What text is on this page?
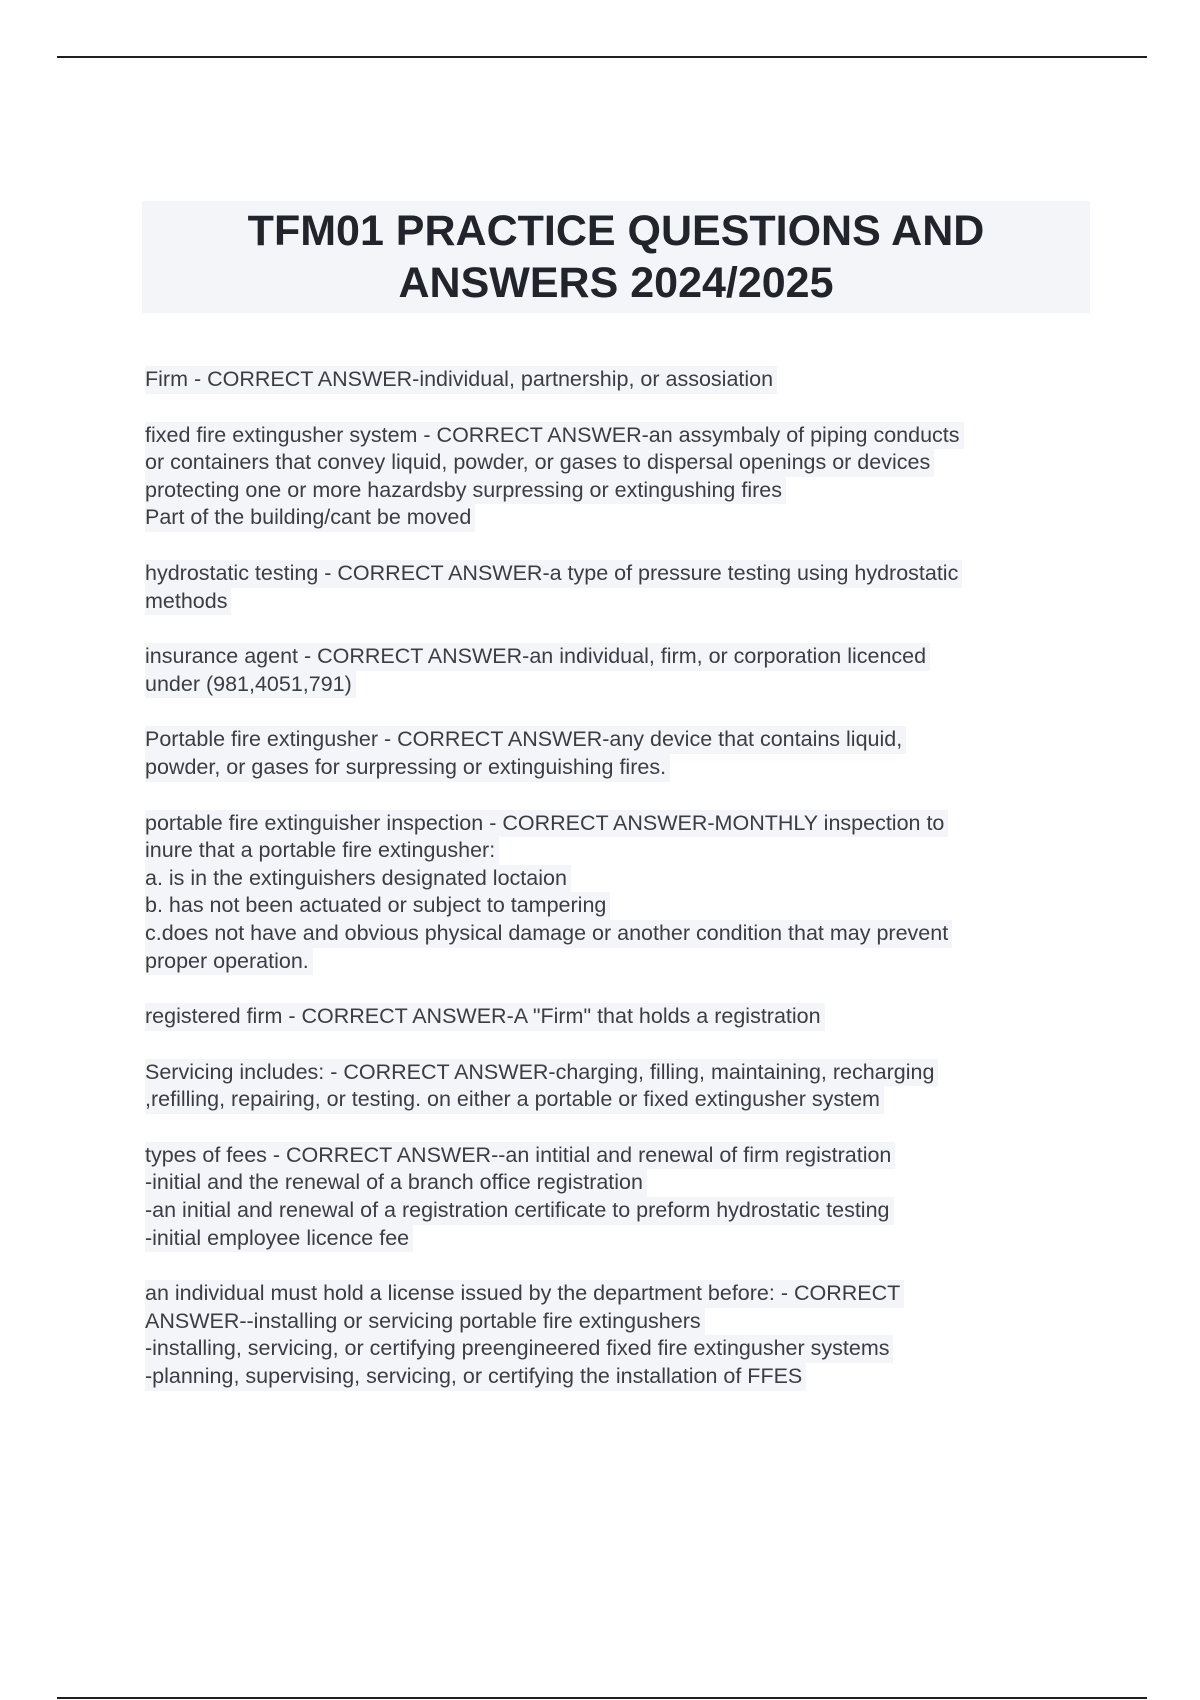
TFM01 PRACTICE QUESTIONS AND
ANSWERS 2024/2025
Firm - CORRECT ANSWER-individual, partnership, or assosiation
fixed fire extingusher system - CORRECT ANSWER-an assymbaly of piping conducts
or containers that convey liquid, powder, or gases to dispersal openings or devices
protecting one or more hazardsby surpressing or extingushing fires
Part of the building/cant be moved
hydrostatic testing - CORRECT ANSWER-a type of pressure testing using hydrostatic
methods
insurance agent - CORRECT ANSWER-an individual, firm, or corporation licenced
under (981,4051,791)
Portable fire extingusher - CORRECT ANSWER-any device that contains liquid,
powder, or gases for surpressing or extinguishing fires.
portable fire extinguisher inspection - CORRECT ANSWER-MONTHLY inspection to
inure that a portable fire extingusher:
a. is in the extinguishers designated loctaion
b. has not been actuated or subject to tampering
c.does not have and obvious physical damage or another condition that may prevent
proper operation.
registered firm - CORRECT ANSWER-A "Firm" that holds a registration
Servicing includes: - CORRECT ANSWER-charging, filling, maintaining, recharging
,refilling, repairing, or testing. on either a portable or fixed extingusher system
types of fees - CORRECT ANSWER--an intitial and renewal of firm registration
-initial and the renewal of a branch office registration
-an initial and renewal of a registration certificate to preform hydrostatic testing
-initial employee licence fee
an individual must hold a license issued by the department before: - CORRECT
ANSWER--installing or servicing portable fire extingushers
-installing, servicing, or certifying preengineered fixed fire extingusher systems
-planning, supervising, servicing, or certifying the installation of FFES
